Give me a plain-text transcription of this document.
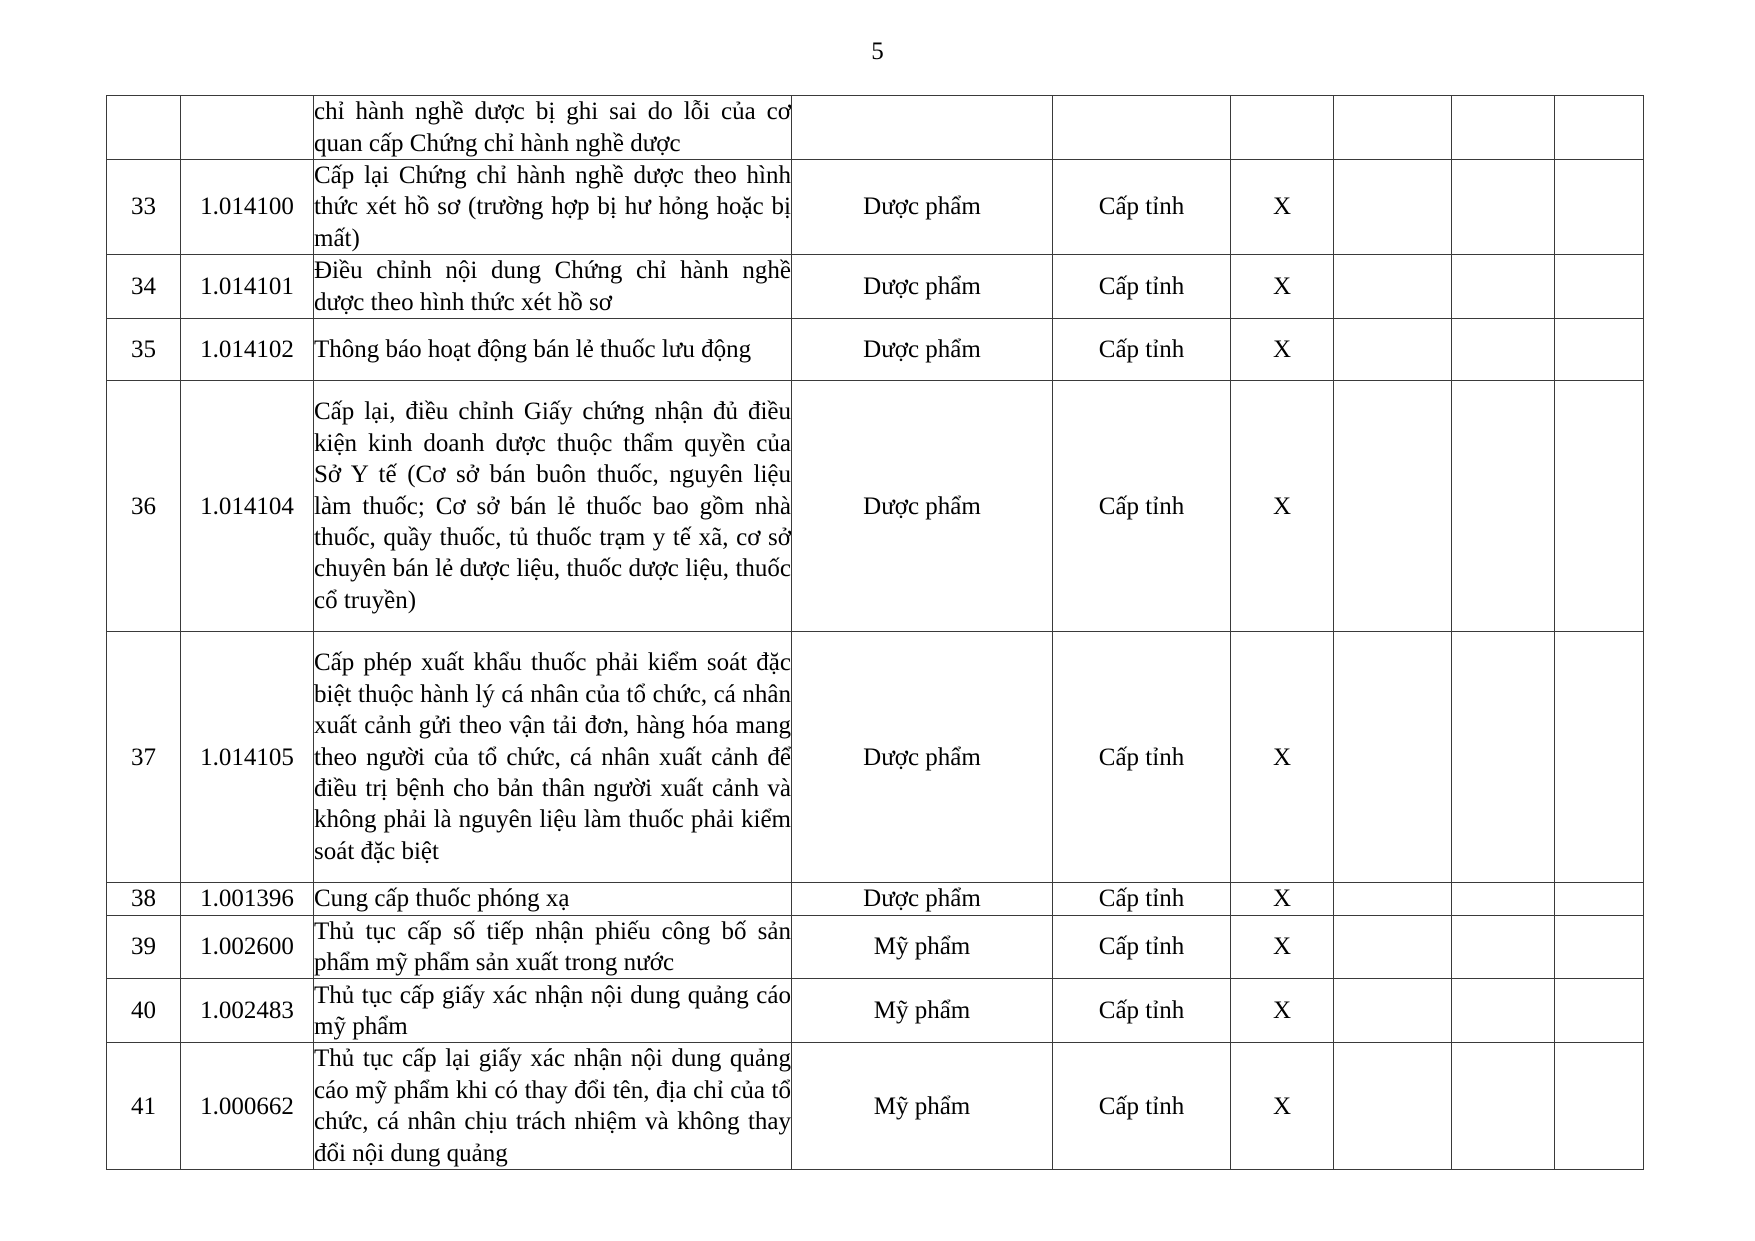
5

		chỉ hành nghề dược bị ghi sai do lỗi của cơ quan cấp Chứng chỉ hành nghề dược						

33	1.014100	Cấp lại Chứng chỉ hành nghề dược theo hình thức xét hồ sơ (trường hợp bị hư hỏng hoặc bị mất)	Dược phẩm	Cấp tỉnh	X			
34	1.014101	Điều chỉnh nội dung Chứng chỉ hành nghề dược theo hình thức xét hồ sơ	Dược phẩm	Cấp tỉnh	X			
35	1.014102	Thông báo hoạt động bán lẻ thuốc lưu động	Dược phẩm	Cấp tỉnh	X			
36	1.014104	Cấp lại, điều chỉnh Giấy chứng nhận đủ điều kiện kinh doanh dược thuộc thẩm quyền của Sở Y tế (Cơ sở bán buôn thuốc, nguyên liệu làm thuốc; Cơ sở bán lẻ thuốc bao gồm nhà thuốc, quầy thuốc, tủ thuốc trạm y tế xã, cơ sở chuyên bán lẻ dược liệu, thuốc dược liệu, thuốc cổ truyền)	Dược phẩm	Cấp tỉnh	X			
37	1.014105	Cấp phép xuất khẩu thuốc phải kiểm soát đặc biệt thuộc hành lý cá nhân của tổ chức, cá nhân xuất cảnh gửi theo vận tải đơn, hàng hóa mang theo người của tổ chức, cá nhân xuất cảnh để điều trị bệnh cho bản thân người xuất cảnh và không phải là nguyên liệu làm thuốc phải kiểm soát đặc biệt	Dược phẩm	Cấp tỉnh	X			
38	1.001396	Cung cấp thuốc phóng xạ	Dược phẩm	Cấp tỉnh	X			
39	1.002600	Thủ tục cấp số tiếp nhận phiếu công bố sản phẩm mỹ phẩm sản xuất trong nước	Mỹ phẩm	Cấp tỉnh	X			
40	1.002483	Thủ tục cấp giấy xác nhận nội dung quảng cáo mỹ phẩm	Mỹ phẩm	Cấp tỉnh	X			
41	1.000662	Thủ tục cấp lại giấy xác nhận nội dung quảng cáo mỹ phẩm khi có thay đổi tên, địa chỉ của tổ chức, cá nhân chịu trách nhiệm và không thay đổi nội dung quảng	Mỹ phẩm	Cấp tỉnh	X			
